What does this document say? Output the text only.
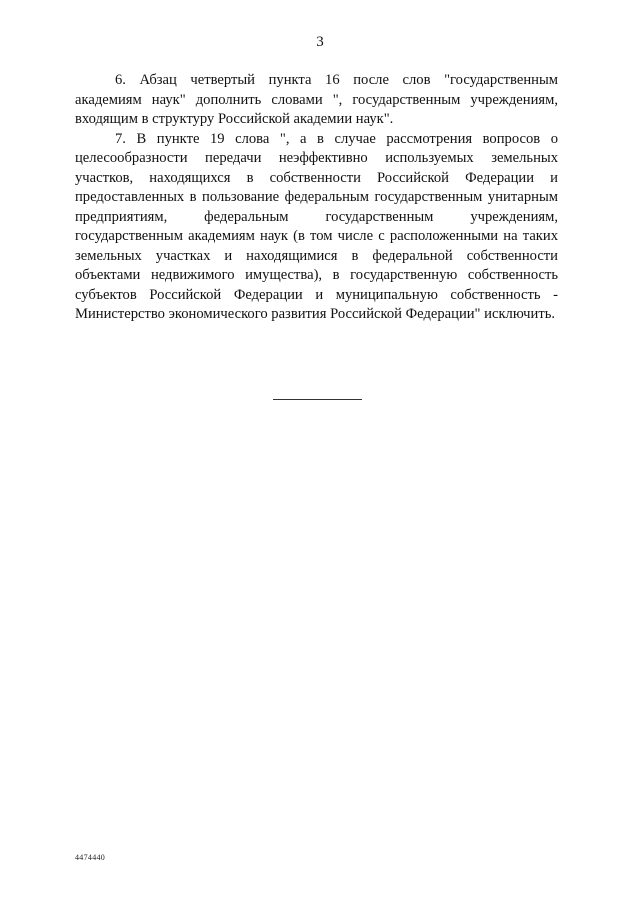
3

6. Абзац четвертый пункта 16 после слов "государственным академиям наук" дополнить словами ", государственным учреждениям, входящим в структуру Российской академии наук".

7. В пункте 19 слова ", а в случае рассмотрения вопросов о целесообразности передачи неэффективно используемых земельных участков, находящихся в собственности Российской Федерации и предоставленных в пользование федеральным государственным унитарным предприятиям, федеральным государственным учреждениям, государственным академиям наук (в том числе с расположенными на таких земельных участках и находящимися в федеральной собственности объектами недвижимого имущества), в государственную собственность субъектов Российской Федерации и муниципальную собственность - Министерство экономического развития Российской Федерации" исключить.

4474440
